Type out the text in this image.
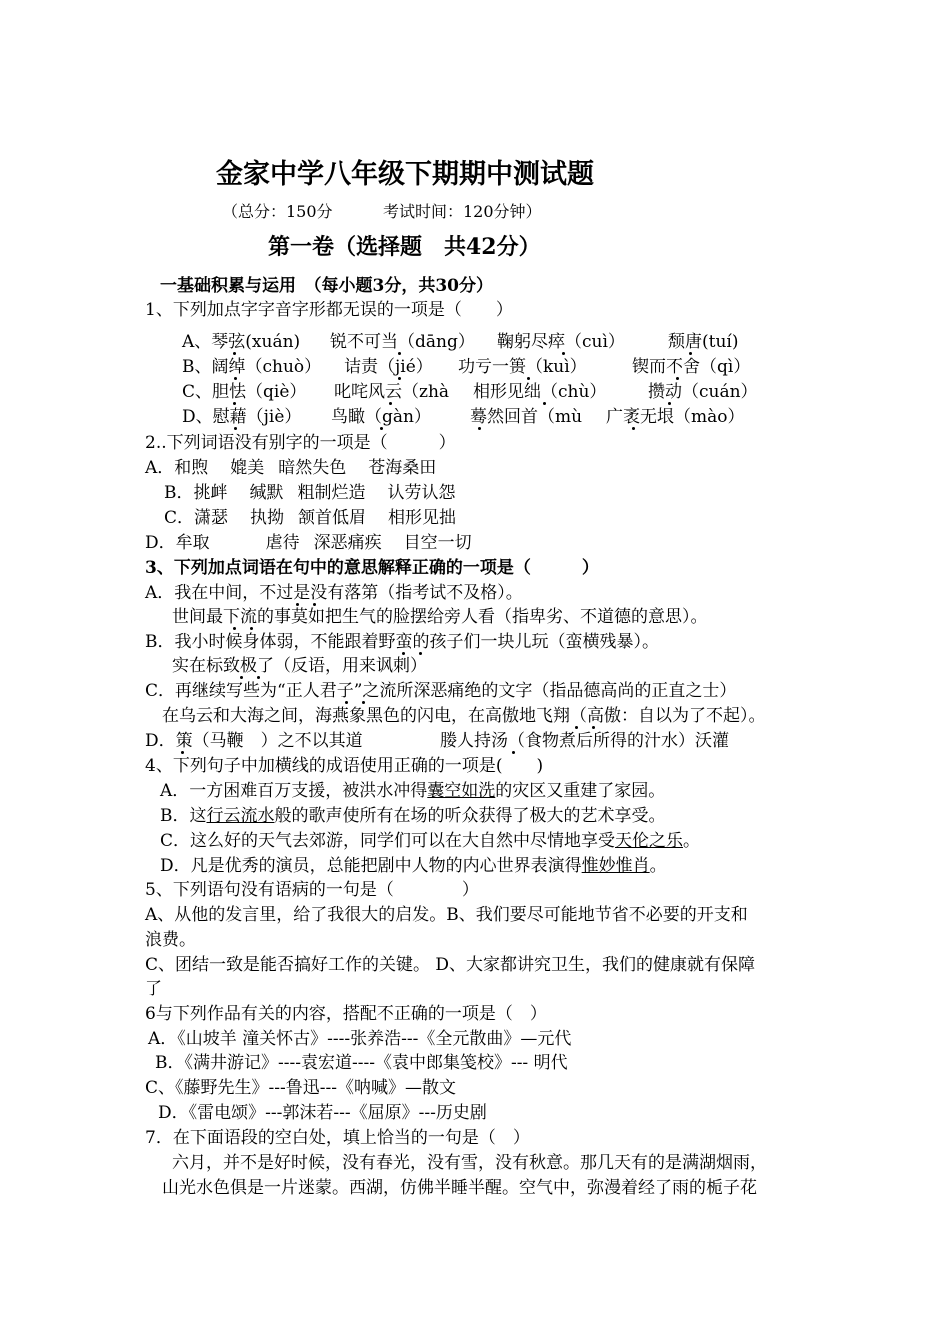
金家中学八年级下期期中测试题
（总分：150分	考试时间：120分钟）
第一卷（选择题　共42分）
一基础积累与运用　（每小题3分，共30分）
1、下列加点字字音字形都无误的一项是（　　）
A、琴弦(xuán) 锐不可当（dāng） 鞠躬尽瘁（cuì）	颓唐(tuí)
B、阔绰（chuò） 诘责（jié） 功亏一篑（kuì）	锲而不舍（qì）
C、胆怯（qiè） 叱咤风云（zhà 相形见绌（chù） 攒动（cuán）
D、慰藉（jiè） 鸟瞰（gàn） 蓦然回首（mù 广袤无垠（mào）
2..下列词语没有别字的一项是（　　　）
A．和煦 媲美 暗然失色 苍海桑田
B．挑衅 缄默 粗制烂造 认劳认怨
C．潇瑟 执拗 颔首低眉 相形见拙
D．牟取	虐待 深恶痛疾 目空一切
3、下列加点词语在句中的意思解释正确的一项是（　　　）
A．我在中间，不过是没有落第（指考试不及格）。
世间最下流的事莫如把生气的脸摆给旁人看（指卑劣、不道德的意思）。
B．我小时候身体弱，不能跟着野蛮的孩子们一块儿玩（蛮横残暴）。
实在标致极了（反语，用来讽刺）
C．再继续写些为“正人君子”之流所深恶痛绝的文字（指品德高尚的正直之士）
在乌云和大海之间，海燕象黑色的闪电，在高傲地飞翔（高傲：自以为了不起）。
D．策（马鞭　）之不以其道	媵人持汤（食物煮后所得的汁水）沃灌
4、下列句子中加横线的成语使用正确的一项是(　　)
A．一方困难百万支援，被洪水冲得囊空如洗的灾区又重建了家园。
B．这行云流水般的歌声使所有在场的听众获得了极大的艺术享受。
C．这么好的天气去郊游，同学们可以在大自然中尽情地享受天伦之乐。
D．凡是优秀的演员，总能把剧中人物的内心世界表演得惟妙惟肖。
5、下列语句没有语病的一句是（　　　　）
A、从他的发言里，给了我很大的启发。B、我们要尽可能地节省不必要的开支和
浪费。
C、团结一致是能否搞好工作的关键。 D、大家都讲究卫生，我们的健康就有保障
了
6与下列作品有关的内容，搭配不正确的一项是（　）
A．《山坡羊 潼关怀古》----张养浩---《全元散曲》—元代
B．《满井游记》----袁宏道----《袁中郎集笺校》--- 明代
C、《藤野先生》---鲁迅---《呐喊》—散文
D．《雷电颂》---郭沫若---《屈原》---历史剧
7．在下面语段的空白处，填上恰当的一句是（　）
六月，并不是好时候，没有春光，没有雪，没有秋意。那几天有的是满湖烟雨，
山光水色俱是一片迷蒙。西湖，仿佛半睡半醒。空气中，弥漫着经了雨的栀子花
